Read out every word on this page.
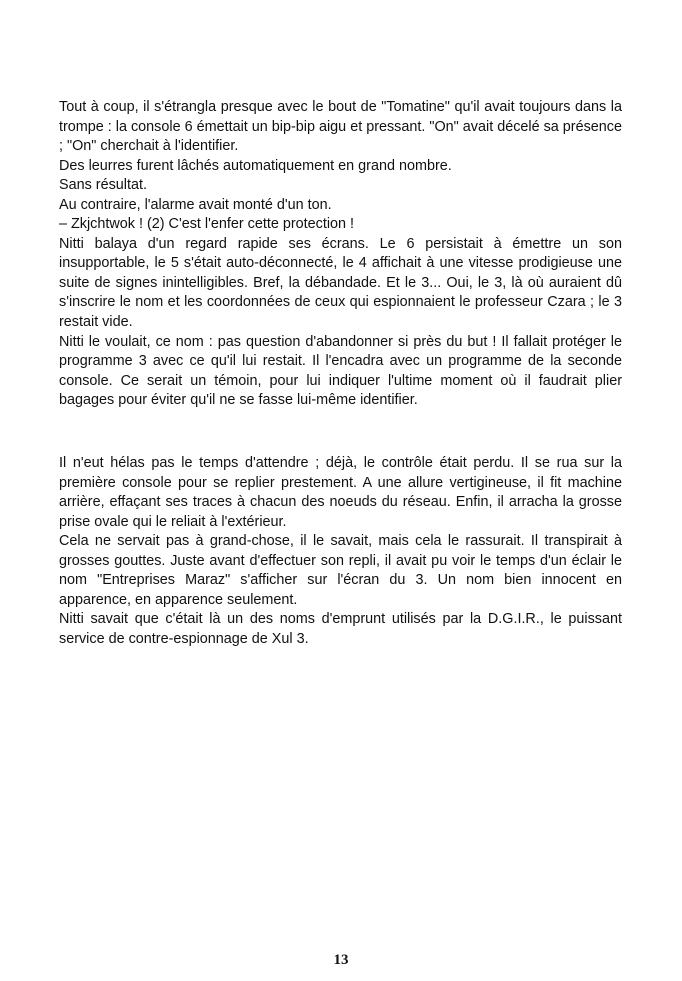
Tout à coup, il s'étrangla presque avec le bout de "Tomatine" qu'il avait toujours dans la trompe : la console 6 émettait un bip-bip aigu et pressant. "On" avait décelé sa présence ; "On" cherchait à l'identifier.

Des leurres furent lâchés automatiquement en grand nombre.

Sans résultat.

Au contraire, l'alarme avait monté d'un ton.

– Zkjchtwok ! (2) C'est l'enfer cette protection !

Nitti balaya d'un regard rapide ses écrans. Le 6 persistait à émettre un son insupportable, le 5 s'était auto-déconnecté, le 4 affichait à une vitesse prodigieuse une suite de signes inintelligibles. Bref, la débandade. Et le 3... Oui, le 3, là où auraient dû s'inscrire le nom et les coordonnées de ceux qui espionnaient le professeur Czara ; le 3 restait vide.

Nitti le voulait, ce nom : pas question d'abandonner si près du but ! Il fallait protéger le programme 3 avec ce qu'il lui restait. Il l'encadra avec un programme de la seconde console. Ce serait un témoin, pour lui indiquer l'ultime moment où il faudrait plier bagages pour éviter qu'il ne se fasse lui-même identifier.

Il n'eut hélas pas le temps d'attendre ; déjà, le contrôle était perdu. Il se rua sur la première console pour se replier prestement. A une allure vertigineuse, il fit machine arrière, effaçant ses traces à chacun des noeuds du réseau. Enfin, il arracha la grosse prise ovale qui le reliait à l'extérieur.

Cela ne servait pas à grand-chose, il le savait, mais cela le rassurait. Il transpirait à grosses gouttes. Juste avant d'effectuer son repli, il avait pu voir le temps d'un éclair le nom "Entreprises Maraz" s'afficher sur l'écran du 3. Un nom bien innocent en apparence, en apparence seulement.

Nitti savait que c'était là un des noms d'emprunt utilisés par la D.G.I.R., le puissant service de contre-espionnage de Xul 3.

13
